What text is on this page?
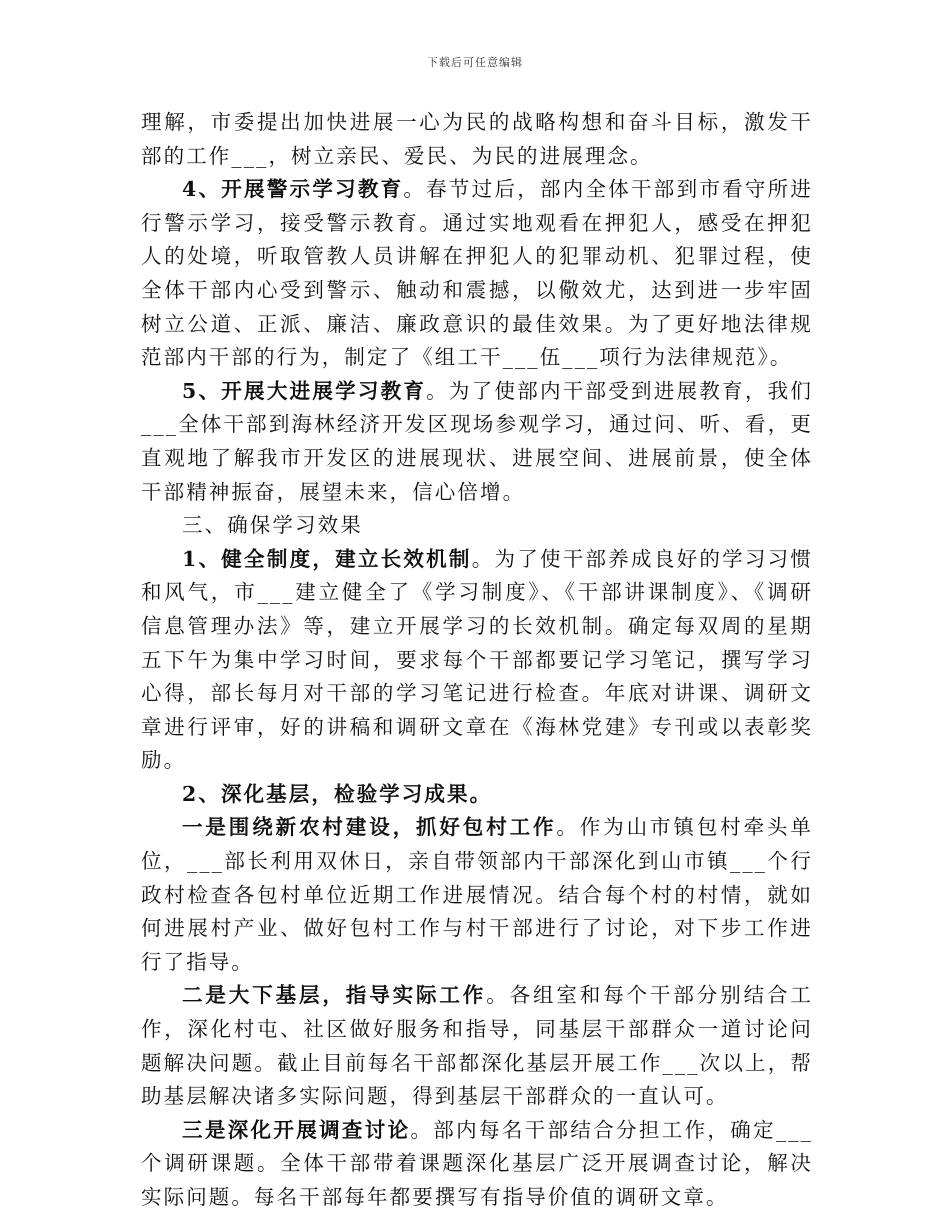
下载后可任意编辑

理解，市委提出加快进展一心为民的战略构想和奋斗目标，激发干部的工作___，树立亲民、爱民、为民的进展理念。

4、开展警示学习教育。春节过后，部内全体干部到市看守所进行警示学习，接受警示教育。通过实地观看在押犯人，感受在押犯人的处境，听取管教人员讲解在押犯人的犯罪动机、犯罪过程，使全体干部内心受到警示、触动和震撼，以儆效尤，达到进一步牢固树立公道、正派、廉洁、廉政意识的最佳效果。为了更好地法律规范部内干部的行为，制定了《组工干___伍___项行为法律规范》。

5、开展大进展学习教育。为了使部内干部受到进展教育，我们___全体干部到海林经济开发区现场参观学习，通过问、听、看，更直观地了解我市开发区的进展现状、进展空间、进展前景，使全体干部精神振奋，展望未来，信心倍增。

三、确保学习效果

1、健全制度，建立长效机制。为了使干部养成良好的学习习惯和风气，市___建立健全了《学习制度》、《干部讲课制度》、《调研信息管理办法》等，建立开展学习的长效机制。确定每双周的星期五下午为集中学习时间，要求每个干部都要记学习笔记，撰写学习心得，部长每月对干部的学习笔记进行检查。年底对讲课、调研文章进行评审，好的讲稿和调研文章在《海林党建》专刊或以表彰奖励。

2、深化基层，检验学习成果。

一是围绕新农村建设，抓好包村工作。作为山市镇包村牵头单位，___部长利用双休日，亲自带领部内干部深化到山市镇___个行政村检查各包村单位近期工作进展情况。结合每个村的村情，就如何进展村产业、做好包村工作与村干部进行了讨论，对下步工作进行了指导。

二是大下基层，指导实际工作。各组室和每个干部分别结合工作，深化村屯、社区做好服务和指导，同基层干部群众一道讨论问题解决问题。截止目前每名干部都深化基层开展工作___次以上，帮助基层解决诸多实际问题，得到基层干部群众的一直认可。

三是深化开展调查讨论。部内每名干部结合分担工作，确定___个调研课题。全体干部带着课题深化基层广泛开展调查讨论，解决实际问题。每名干部每年都要撰写有指导价值的调研文章。
